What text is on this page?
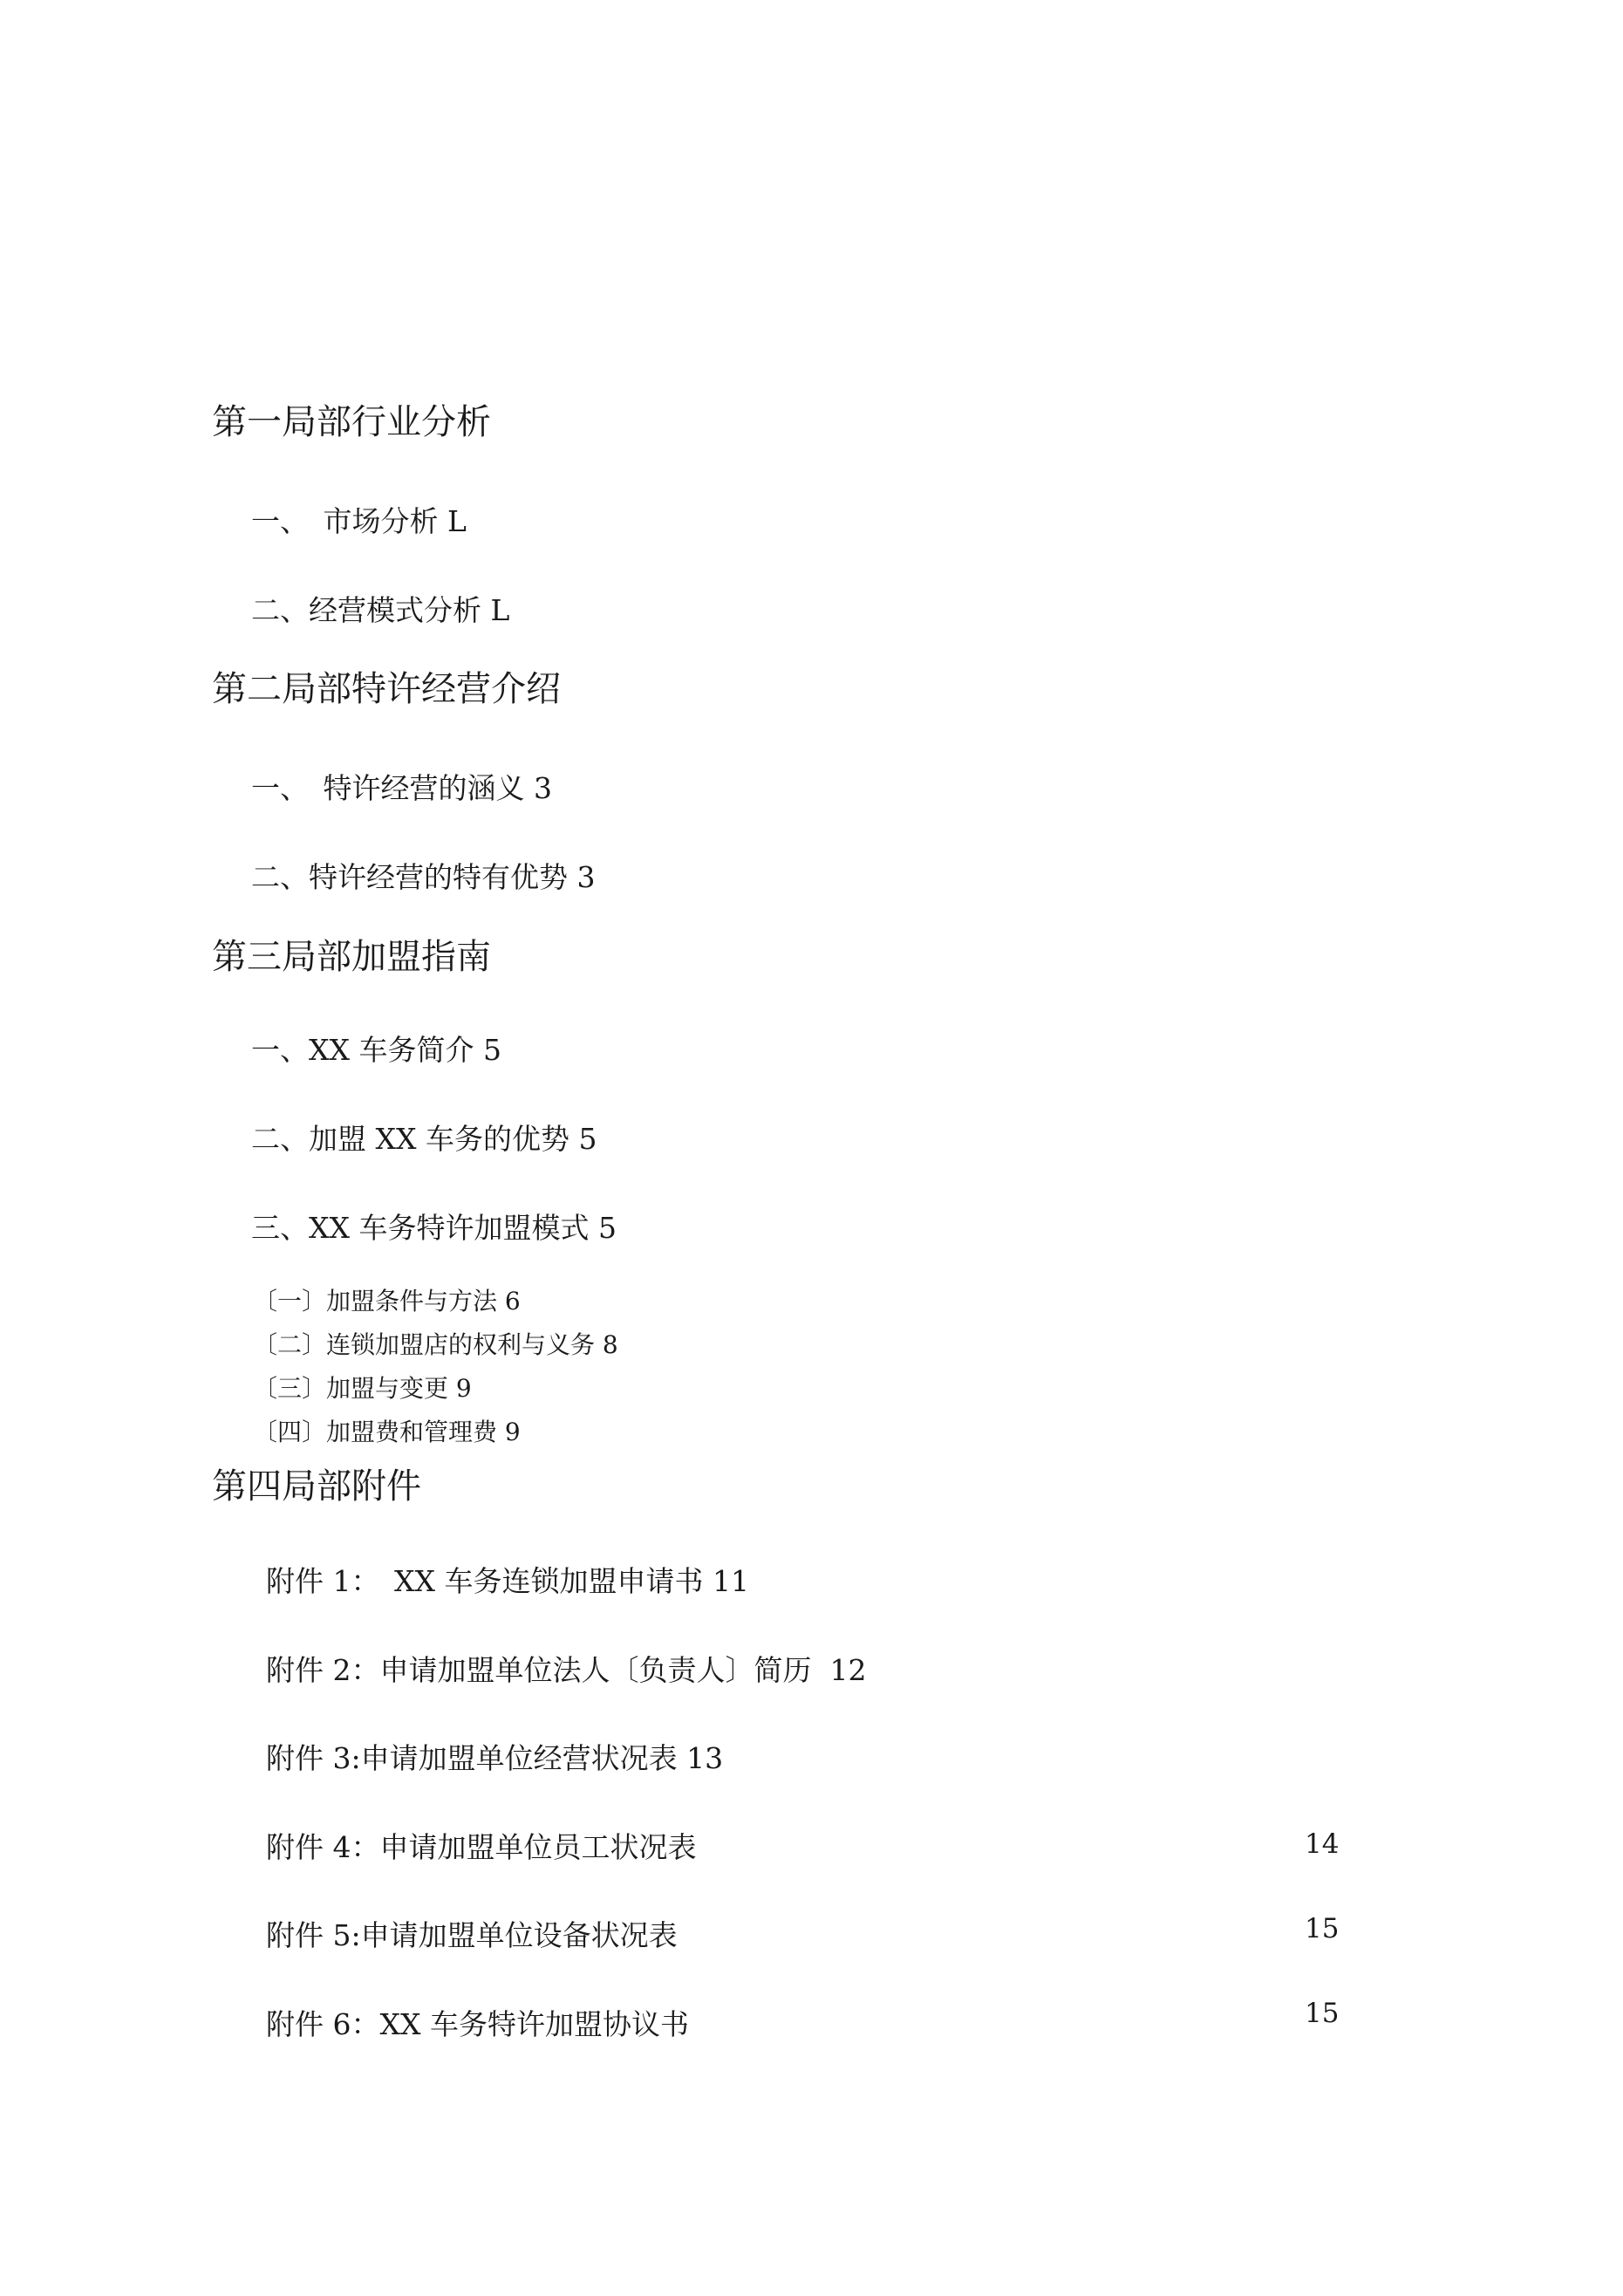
第一局部行业分析
一、　市场分析 L
二、经营模式分析 L
第二局部特许经营介绍
一、　特许经营的涵义 3
二、特许经营的特有优势 3
第三局部加盟指南
一、XX 车务简介 5
二、加盟 XX 车务的优势 5
三、XX 车务特许加盟模式 5
〔一〕加盟条件与方法 6
〔二〕连锁加盟店的权利与义务 8
〔三〕加盟与变更 9
〔四〕加盟费和管理费 9
第四局部附件
附件 1：　XX 车务连锁加盟申请书 11
附件 2：申请加盟单位法人〔负责人〕简历  12
附件 3:申请加盟单位经营状况表 13
附件 4：申请加盟单位员工状况表	14
附件 5:申请加盟单位设备状况表	15
附件 6：XX 车务特许加盟协议书	15
